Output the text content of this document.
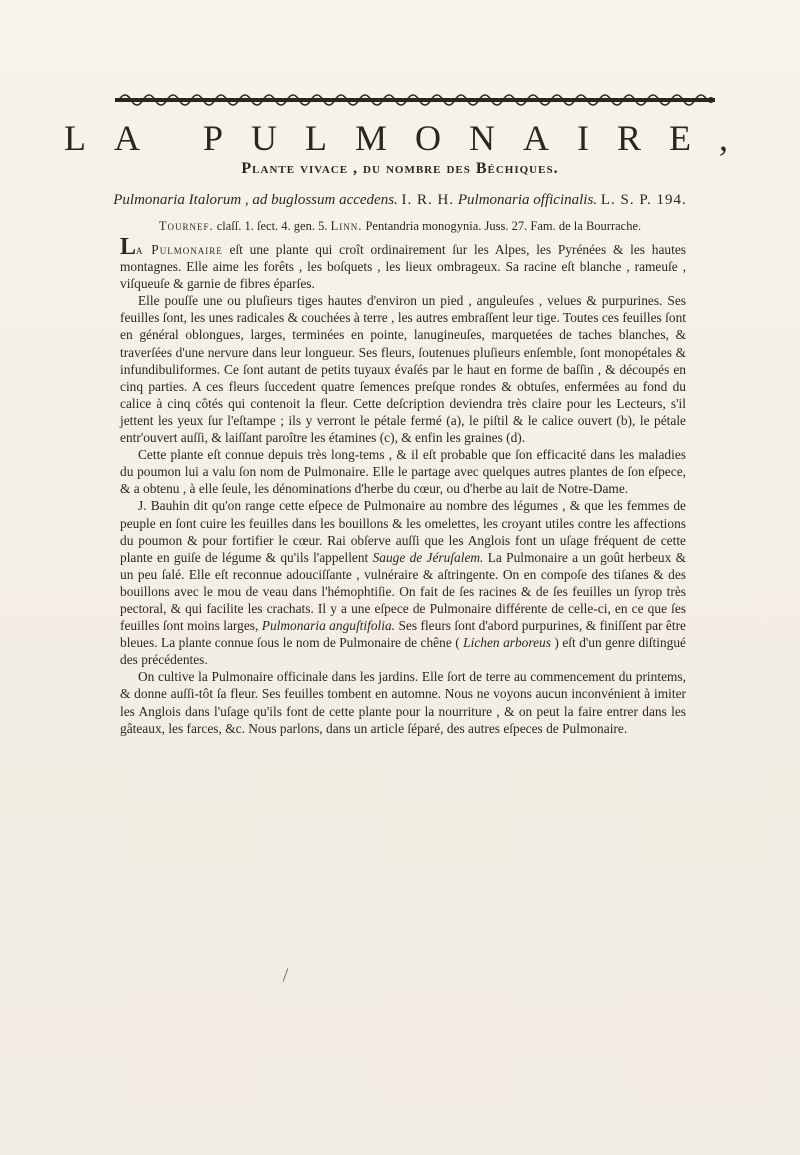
LA PULMONAIRE,
Plante vivace , du nombre des Béchiques.
Pulmonaria Italorum , ad buglossum accedens. I. R. H. Pulmonaria officinalis. L. S. P. 194.
Tournef. claſſ. 1. ſect. 4. gen. 5. Linn. Pentandria monogynia. Juss. 27. Fam. de la Bourrache.

La Pulmonaire eſt une plante qui croît ordinairement ſur les Alpes, les Pyrénées & les hautes montagnes. Elle aime les forêts , les boſquets , les lieux ombrageux. Sa racine eſt blanche , rameuſe , viſqueuſe & garnie de fibres éparſes.

Elle pouſſe une ou pluſieurs tiges hautes d'environ un pied , anguleuſes , velues & purpurines. Ses feuilles ſont, les unes radicales & couchées à terre , les autres embraſſent leur tige. Toutes ces feuilles ſont en général oblongues, larges, terminées en pointe, lanugineuſes, marquetées de taches blanches, & traverſées d'une nervure dans leur longueur. Ses fleurs, ſoutenues pluſieurs enſemble, ſont monopétales & infundibuliformes. Ce ſont autant de petits tuyaux évaſés par le haut en forme de baſſin , & découpés en cinq parties. A ces fleurs ſuccedent quatre ſemences preſque rondes & obtuſes, enfermées au fond du calice à cinq côtés qui contenoit la fleur. Cette deſcription deviendra très claire pour les Lecteurs, s'il jettent les yeux ſur l'eſtampe ; ils y verront le pétale fermé (a), le piſtil & le calice ouvert (b), le pétale entr'ouvert auſſi, & laiſſant paroître les étamines (c), & enfin les graines (d).

Cette plante eſt connue depuis très long-tems , & il eſt probable que ſon efficacité dans les maladies du poumon lui a valu ſon nom de Pulmonaire. Elle le partage avec quelques autres plantes de ſon eſpece, & a obtenu , à elle ſeule, les dénominations d'herbe du cœur, ou d'herbe au lait de Notre-Dame.

J. Bauhin dit qu'on range cette eſpece de Pulmonaire au nombre des légumes , & que les femmes de peuple en ſont cuire les feuilles dans les bouillons & les omelettes, les croyant utiles contre les affections du poumon & pour fortifier le cœur. Rai obſerve auſſi que les Anglois font un uſage fréquent de cette plante en guiſe de légume & qu'ils l'appellent Sauge de Jéruſalem. La Pulmonaire a un goût herbeux & un peu ſalé. Elle eſt reconnue adouciſſante , vulnéraire & aſtringente. On en compoſe des tiſanes & des bouillons avec le mou de veau dans l'hémophtiſie. On fait de ſes racines & de ſes feuilles un ſyrop très pectoral, & qui facilite les crachats. Il y a une eſpece de Pulmonaire différente de celle-ci, en ce que ſes feuilles ſont moins larges, Pulmonaria anguſtifolia. Ses fleurs ſont d'abord purpurines, & finiſſent par être bleues. La plante connue ſous le nom de Pulmonaire de chêne ( Lichen arboreus ) eſt d'un genre diſtingué des précédentes.

On cultive la Pulmonaire officinale dans les jardins. Elle ſort de terre au commencement du printems, & donne auſſi-tôt ſa fleur. Ses feuilles tombent en automne. Nous ne voyons aucun inconvénient à imiter les Anglois dans l'uſage qu'ils font de cette plante pour la nourriture , & on peut la faire entrer dans les gâteaux, les farces, &c. Nous parlons, dans un article ſéparé, des autres eſpeces de Pulmonaire.
